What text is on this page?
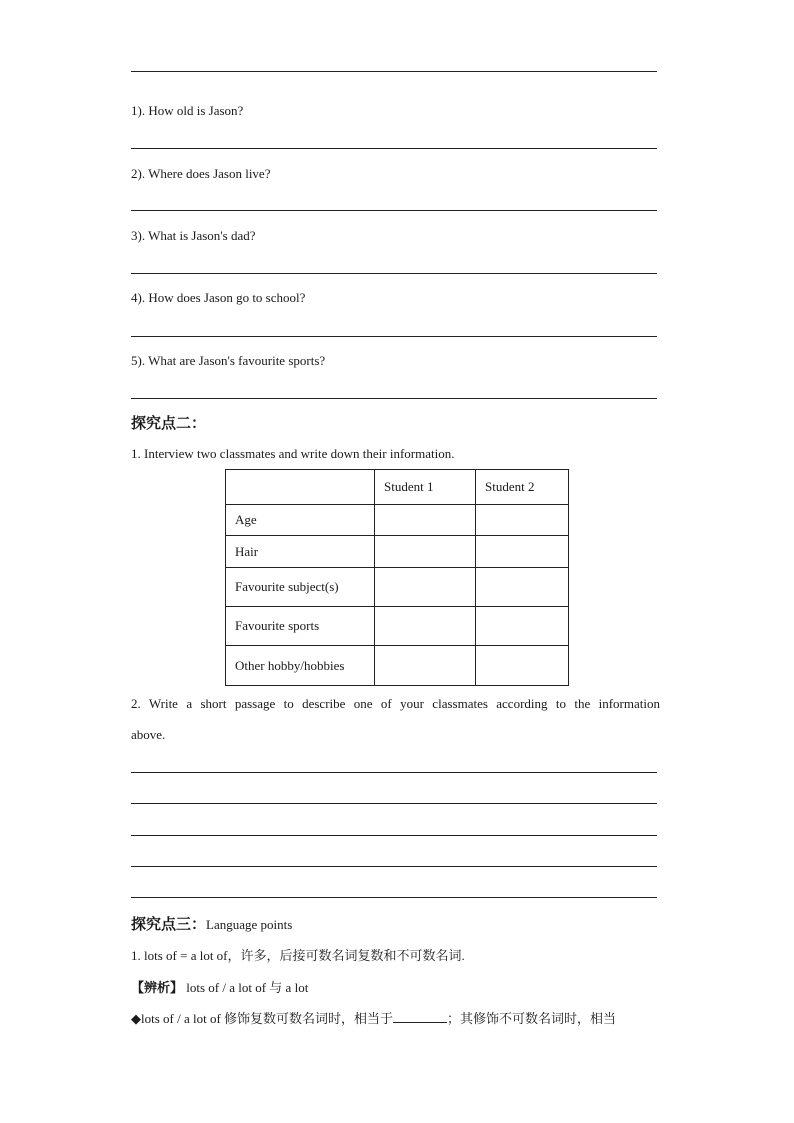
1). How old is Jason?
2). Where does Jason live?
3). What is Jason's dad?
4). How does Jason go to school?
5). What are Jason's favourite sports?
探究点二：
1. Interview two classmates and write down their information.
	Student 1	Student 2
Age		
Hair		
Favourite subject(s)		
Favourite sports		
Other hobby/hobbies		
2. Write a short passage to describe one of your classmates according to the information
above.
探究点三：Language points
1. lots of = a lot of，许多，后接可数名词复数和不可数名词.
【辨析】 lots of / a lot of 与 a lot
◆lots of / a lot of 修饰复数可数名词时，相当于	；其修饰不可数名词时，相当
